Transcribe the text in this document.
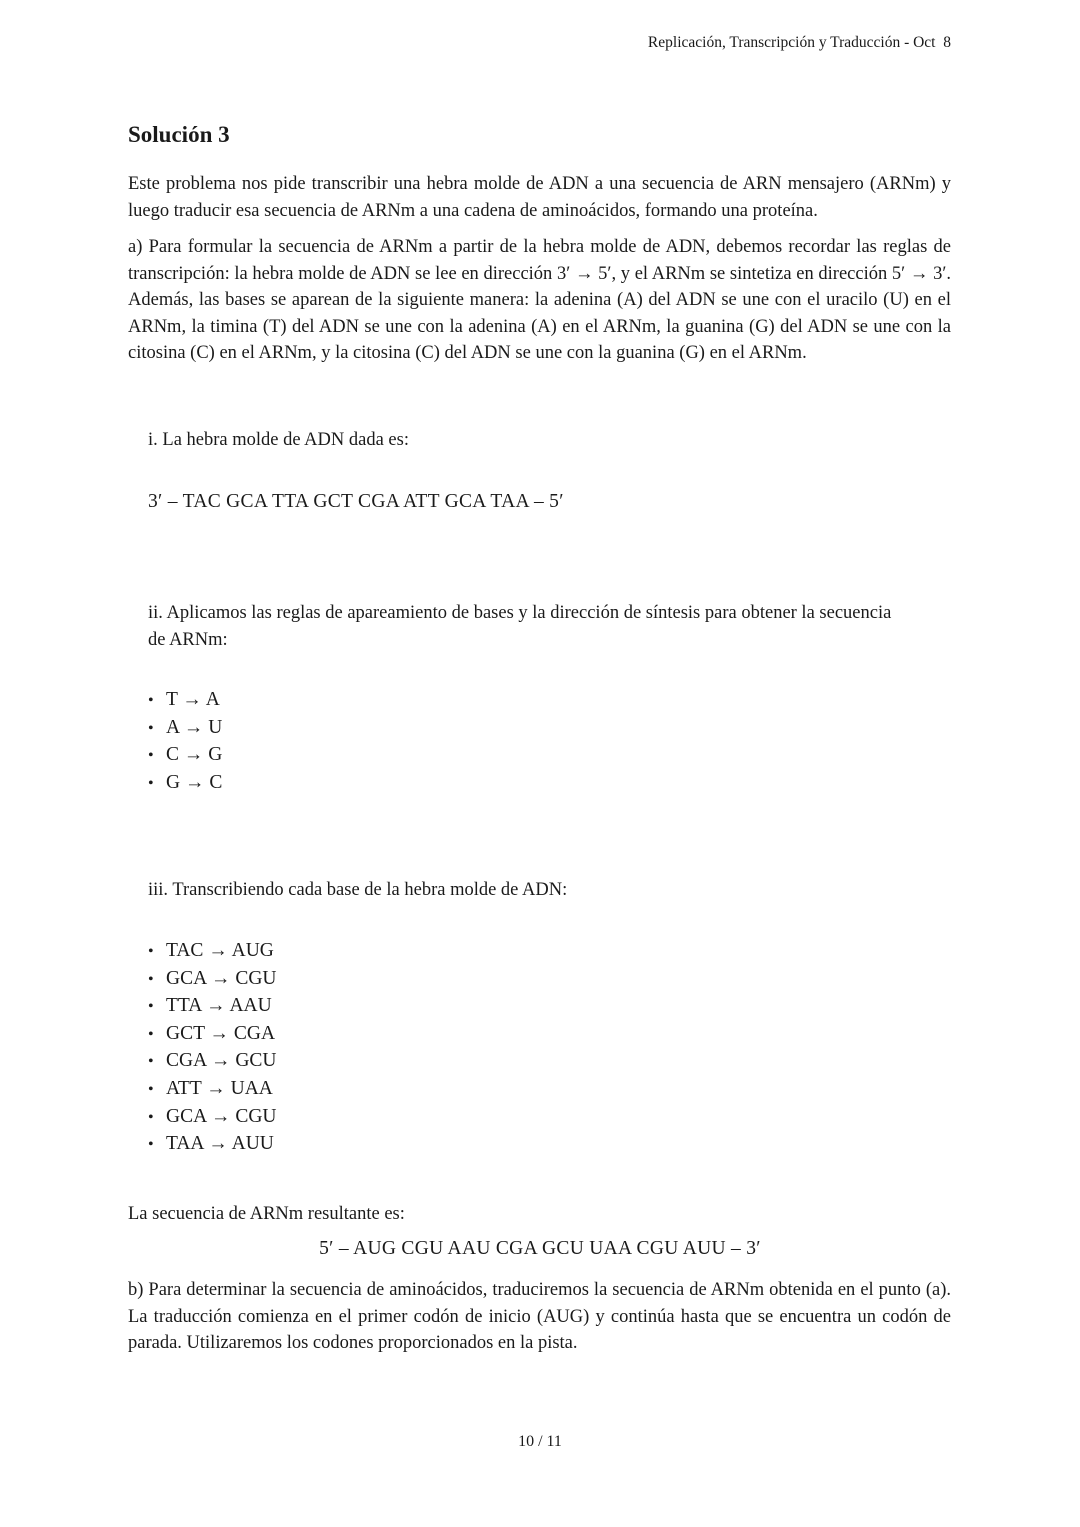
Replicación, Transcripción y Traducción - Oct  8
Solución 3
Este problema nos pide transcribir una hebra molde de ADN a una secuencia de ARN mensajero (ARNm) y luego traducir esa secuencia de ARNm a una cadena de aminoácidos, formando una proteína.
a) Para formular la secuencia de ARNm a partir de la hebra molde de ADN, debemos recordar las reglas de transcripción: la hebra molde de ADN se lee en dirección 3′ → 5′, y el ARNm se sintetiza en dirección 5′ → 3′. Además, las bases se aparean de la siguiente manera: la adenina (A) del ADN se une con el uracilo (U) en el ARNm, la timina (T) del ADN se une con la adenina (A) en el ARNm, la guanina (G) del ADN se une con la citosina (C) en el ARNm, y la citosina (C) del ADN se une con la guanina (G) en el ARNm.
i. La hebra molde de ADN dada es:
3′ – TAC GCA TTA GCT CGA ATT GCA TAA – 5′
ii. Aplicamos las reglas de apareamiento de bases y la dirección de síntesis para obtener la secuencia de ARNm:
• T → A
• A → U
• C → G
• G → C
iii. Transcribiendo cada base de la hebra molde de ADN:
• TAC → AUG
• GCA → CGU
• TTA → AAU
• GCT → CGA
• CGA → GCU
• ATT → UAA
• GCA → CGU
• TAA → AUU
La secuencia de ARNm resultante es:
5′ – AUG CGU AAU CGA GCU UAA CGU AUU – 3′
b) Para determinar la secuencia de aminoácidos, traduciremos la secuencia de ARNm obtenida en el punto (a). La traducción comienza en el primer codón de inicio (AUG) y continúa hasta que se encuentra un codón de parada. Utilizaremos los codones proporcionados en la pista.
10 / 11
